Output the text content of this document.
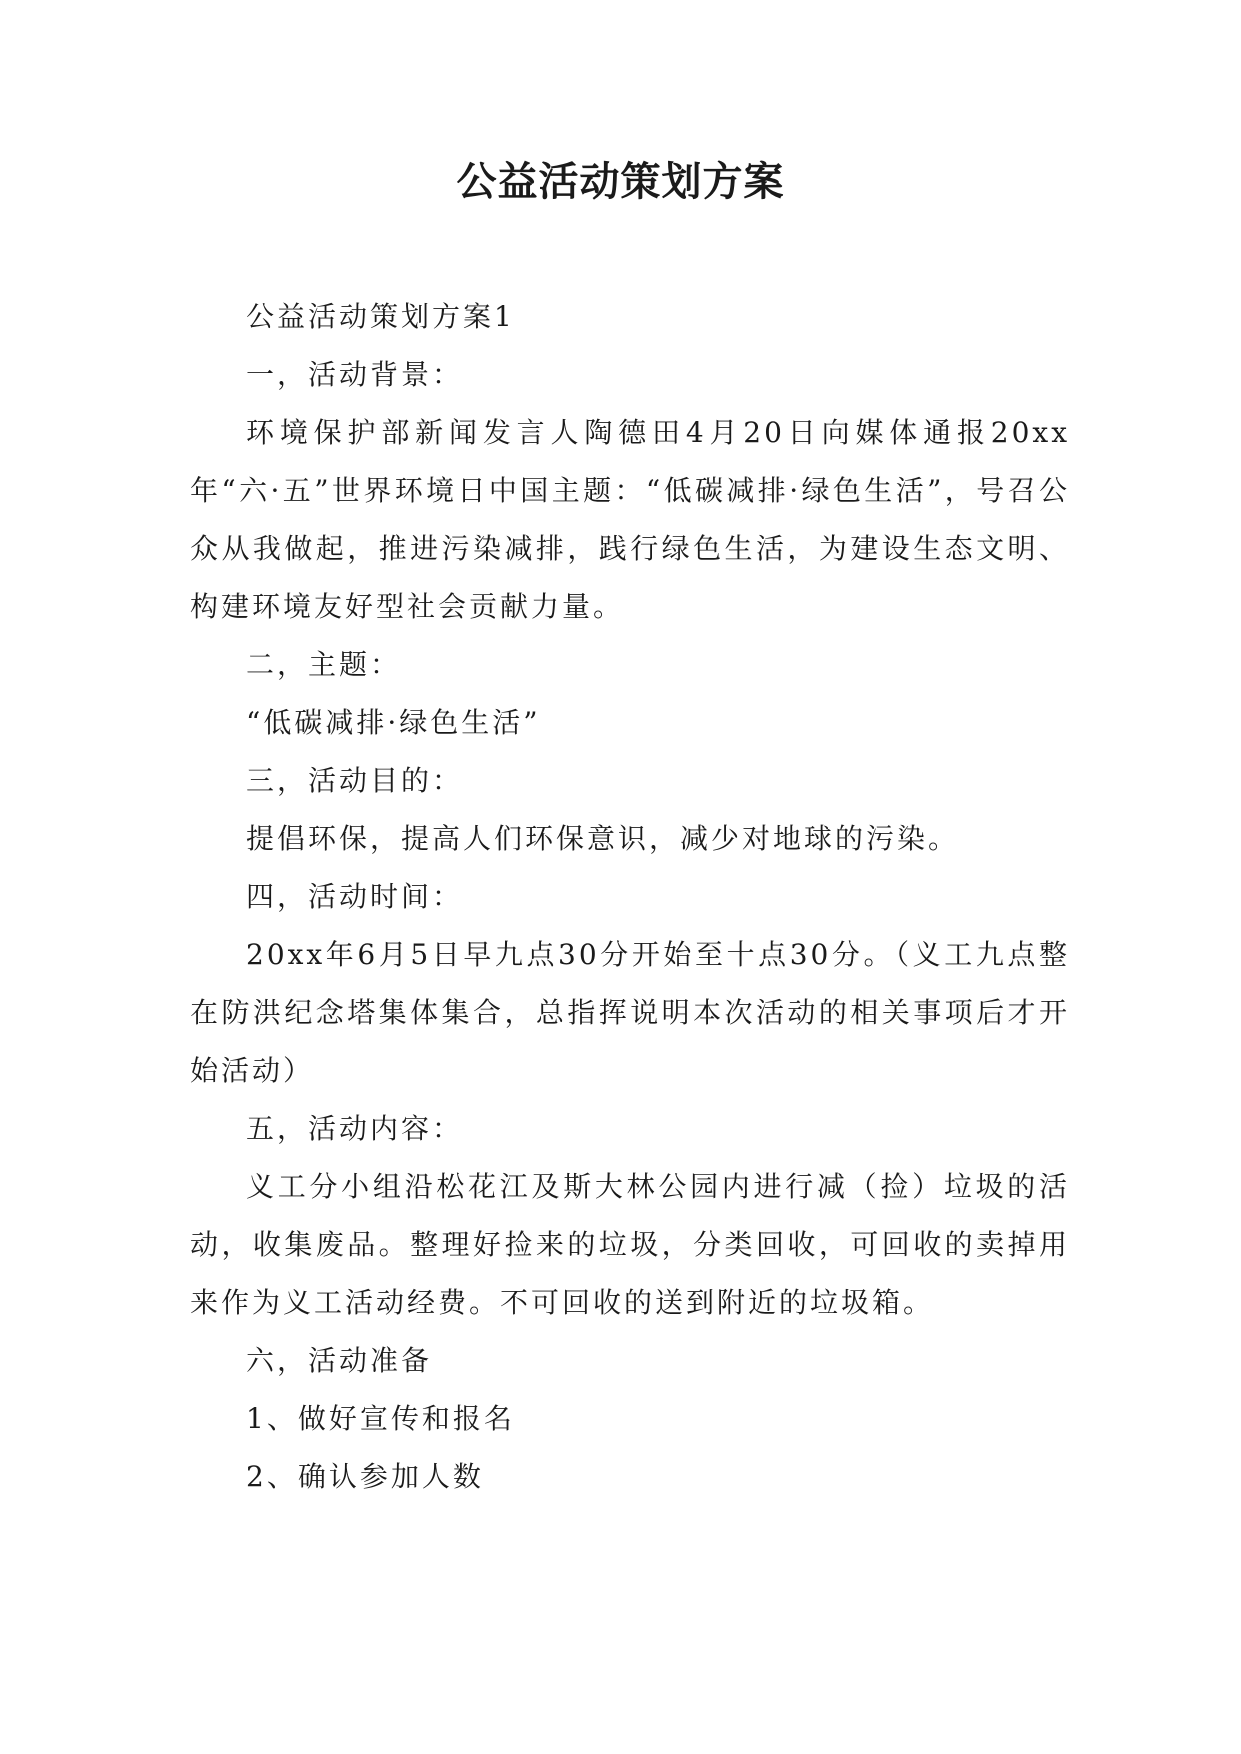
公益活动策划方案

公益活动策划方案1

一，活动背景：

环境保护部新闻发言人陶德田4月20日向媒体通报20xx年“六·五”世界环境日中国主题：“低碳减排·绿色生活”，号召公众从我做起，推进污染减排，践行绿色生活，为建设生态文明、构建环境友好型社会贡献力量。

二，主题：

“低碳减排·绿色生活”

三，活动目的：

提倡环保，提高人们环保意识，减少对地球的污染。

四，活动时间：

20xx年6月5日早九点30分开始至十点30分。（义工九点整在防洪纪念塔集体集合，总指挥说明本次活动的相关事项后才开始活动）

五，活动内容：

义工分小组沿松花江及斯大林公园内进行减（捡）垃圾的活动，收集废品。整理好捡来的垃圾，分类回收，可回收的卖掉用来作为义工活动经费。不可回收的送到附近的垃圾箱。

六，活动准备

1、做好宣传和报名

2、确认参加人数
